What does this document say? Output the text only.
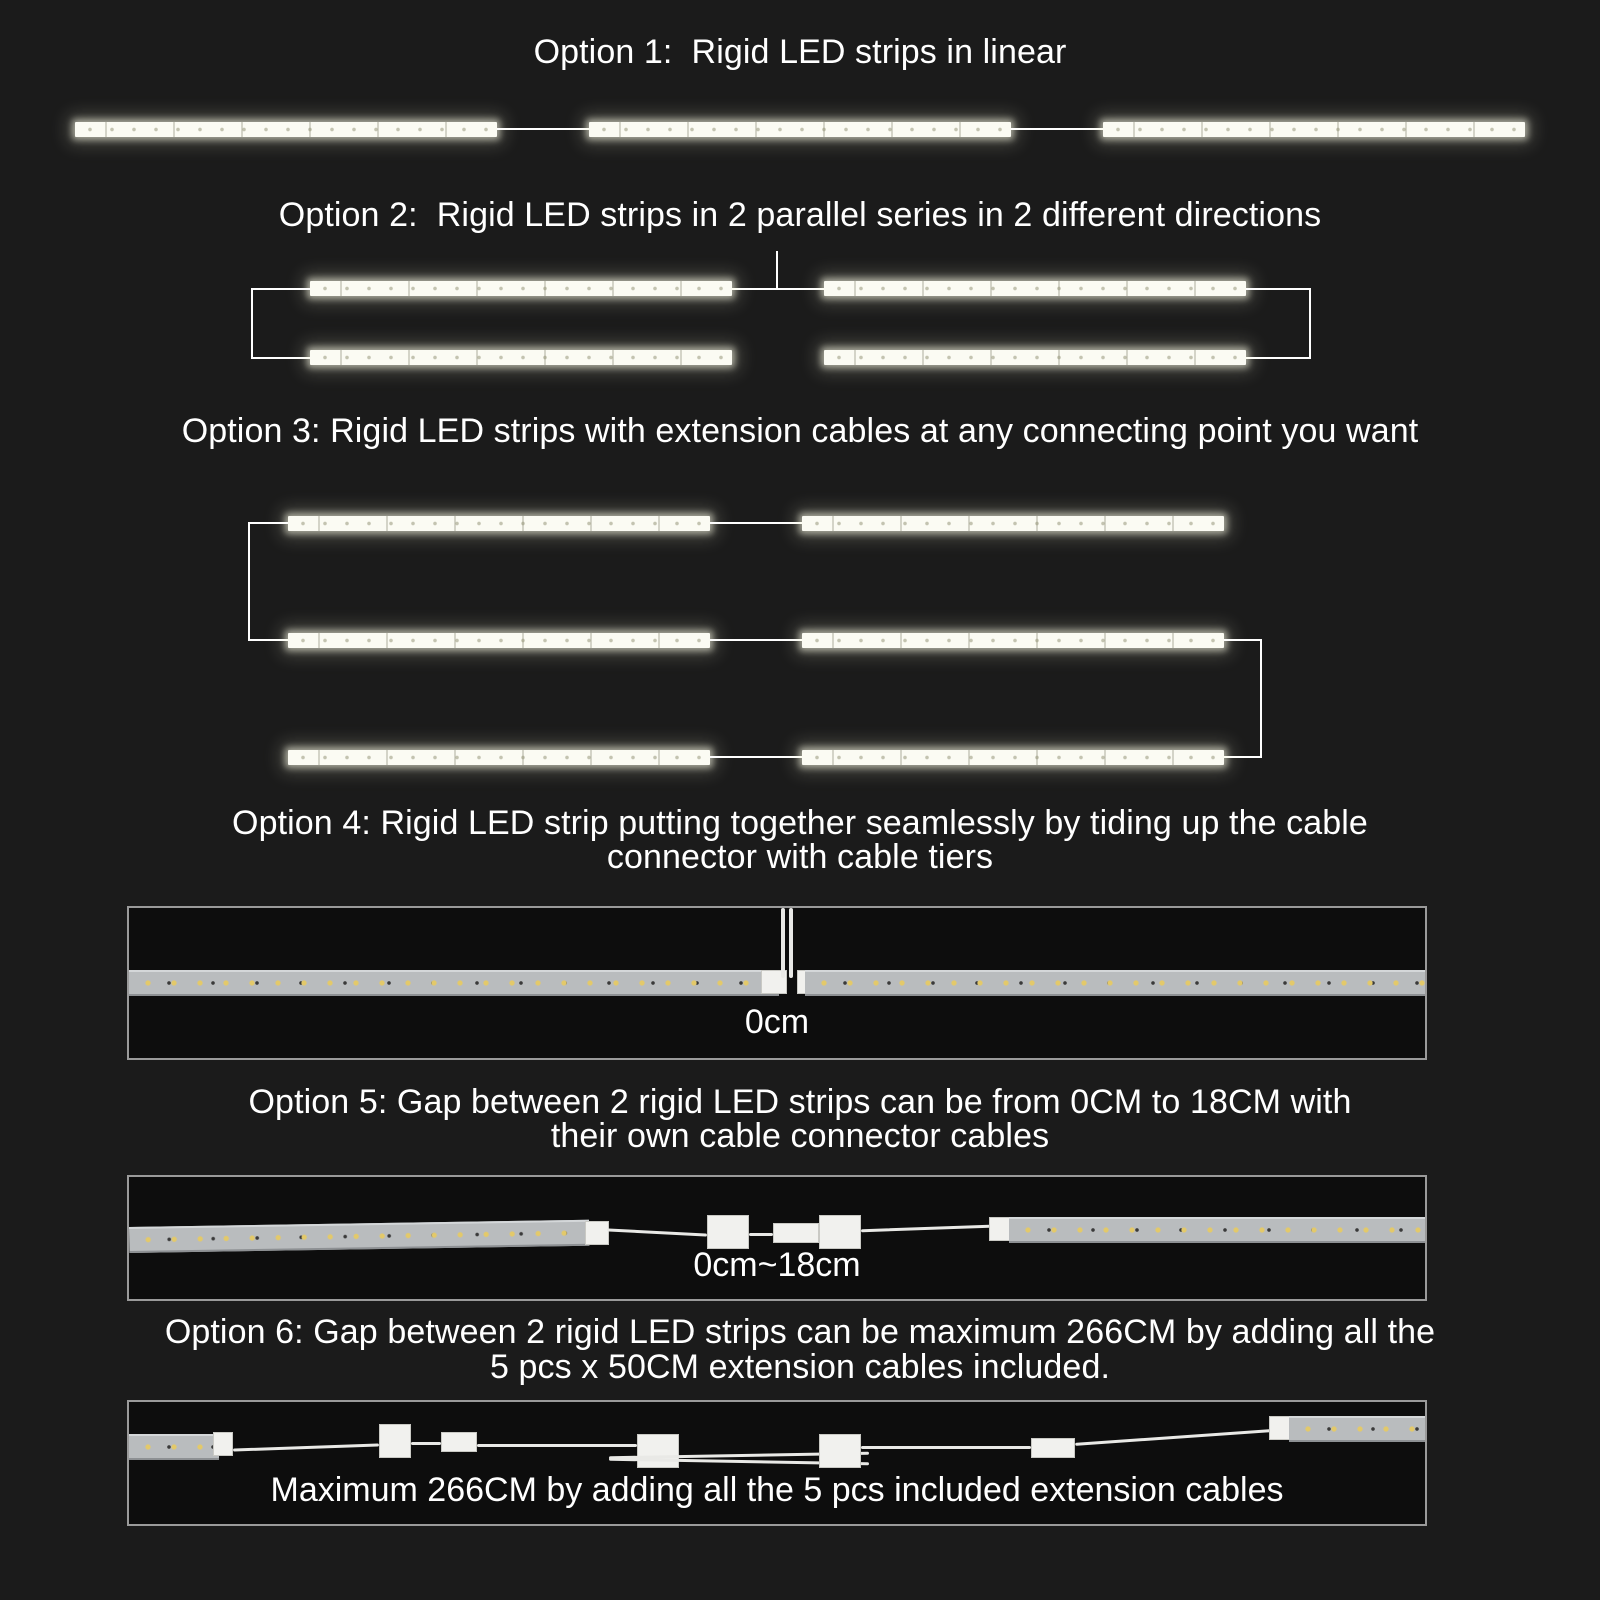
Option 1:  Rigid LED strips in linear
Option 2:  Rigid LED strips in 2 parallel series in 2 different directions
Option 3: Rigid LED strips with extension cables at any connecting point you want
Option 4: Rigid LED strip putting together seamlessly by tiding up the cable
connector with cable tiers
0cm
Option 5: Gap between 2 rigid LED strips can be from 0CM to 18CM with
their own cable connector cables
0cm~18cm
Option 6: Gap between 2 rigid LED strips can be maximum 266CM by adding all the
5 pcs x 50CM extension cables included.
Maximum 266CM by adding all the 5 pcs included extension cables
